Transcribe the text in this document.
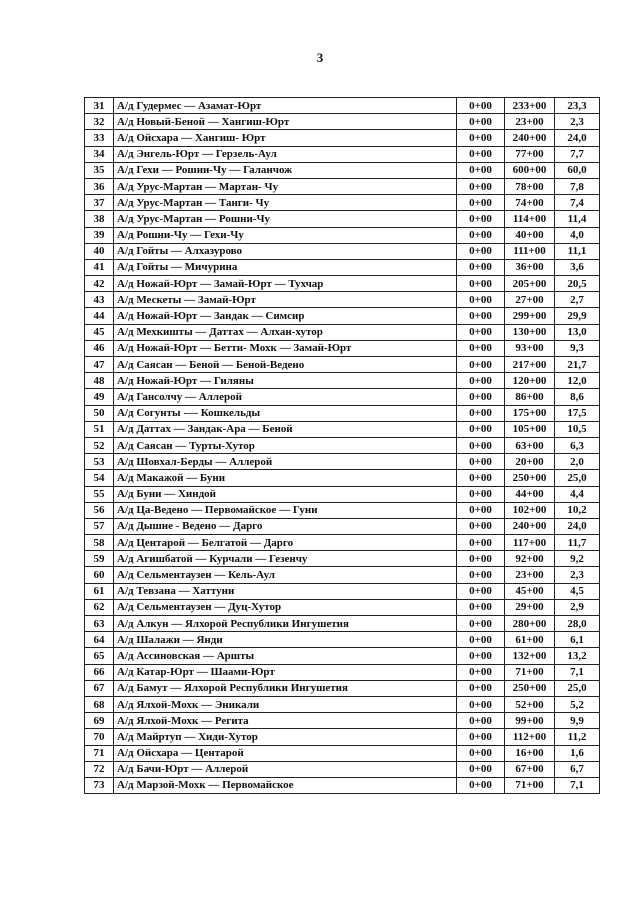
3
31	А/д Гудермес — Азамат-Юрт	0+00	233+00	23,3
32	А/д Новый-Беной — Хангиш-Юрт	0+00	23+00	2,3
33	А/д Ойсхара — Хангиш- Юрт	0+00	240+00	24,0
34	А/д Энгель-Юрт — Герзель-Аул	0+00	77+00	7,7
35	А/д Гехи — Рошни-Чу — Галанчож	0+00	600+00	60,0
36	А/д Урус-Мартан — Мартан- Чу	0+00	78+00	7,8
37	А/д Урус-Мартан — Танги- Чу	0+00	74+00	7,4
38	А/д Урус-Мартан — Рошни-Чу	0+00	114+00	11,4
39	А/д Рошни-Чу — Гехи-Чу	0+00	40+00	4,0
40	А/д Гойты — Алхазурово	0+00	111+00	11,1
41	А/д Гойты — Мичурина	0+00	36+00	3,6
42	А/д Ножай-Юрт — Замай-Юрт — Тухчар	0+00	205+00	20,5
43	А/д Мескеты — Замай-Юрт	0+00	27+00	2,7
44	А/д Ножай-Юрт — Зандак — Симсир	0+00	299+00	29,9
45	А/д Мехкишты — Даттах — Алхан-хутор	0+00	130+00	13,0
46	А/д Ножай-Юрт — Бетти- Мохк — Замай-Юрт	0+00	93+00	9,3
47	А/д Саясан — Беной — Беной-Ведено	0+00	217+00	21,7
48	А/д Ножай-Юрт — Гиляны	0+00	120+00	12,0
49	А/д Гансолчу — Аллерой	0+00	86+00	8,6
50	А/д Согунты -— Кошкельды	0+00	175+00	17,5
51	А/д Даттах — Зандак-Ара — Беной	0+00	105+00	10,5
52	А/д Саясан — Турты-Хутор	0+00	63+00	6,3
53	А/д Шовхал-Берды — Аллерой	0+00	20+00	2,0
54	А/д Макажой — Буни	0+00	250+00	25,0
55	А/д Буни — Хиндой	0+00	44+00	4,4
56	А/д Ца-Ведено — Первомайское — Гуни	0+00	102+00	10,2
57	А/д Дышне - Ведено — Дарго	0+00	240+00	24,0
58	А/д Центарой — Белгатой — Дарго	0+00	117+00	11,7
59	А/д Агишбатой — Курчали — Гезенчу	0+00	92+00	9,2
60	А/д Сельментаузен — Кель-Аул	0+00	23+00	2,3
61	А/д Тевзана — Хаттуни	0+00	45+00	4,5
62	А/д Сельментаузен — Дуц-Хутор	0+00	29+00	2,9
63	А/д Алкун — Ялхорой Республики Ингушетия	0+00	280+00	28,0
64	А/д Шалажи — Янди	0+00	61+00	6,1
65	А/д Ассиновская — Аршты	0+00	132+00	13,2
66	А/д Катар-Юрт — Шаами-Юрт	0+00	71+00	7,1
67	А/д Бамут — Ялхорой Республики Ингушетия	0+00	250+00	25,0
68	А/д Ялхой-Мохк — Эникали	0+00	52+00	5,2
69	А/д Ялхой-Мохк — Регита	0+00	99+00	9,9
70	А/д Майртуп — Хиди-Хутор	0+00	112+00	11,2
71	А/д Ойсхара — Центарой	0+00	16+00	1,6
72	А/д Бачи-Юрт — Аллерой	0+00	67+00	6,7
73	А/д Марзой-Мохк — Первомайское	0+00	71+00	7,1
